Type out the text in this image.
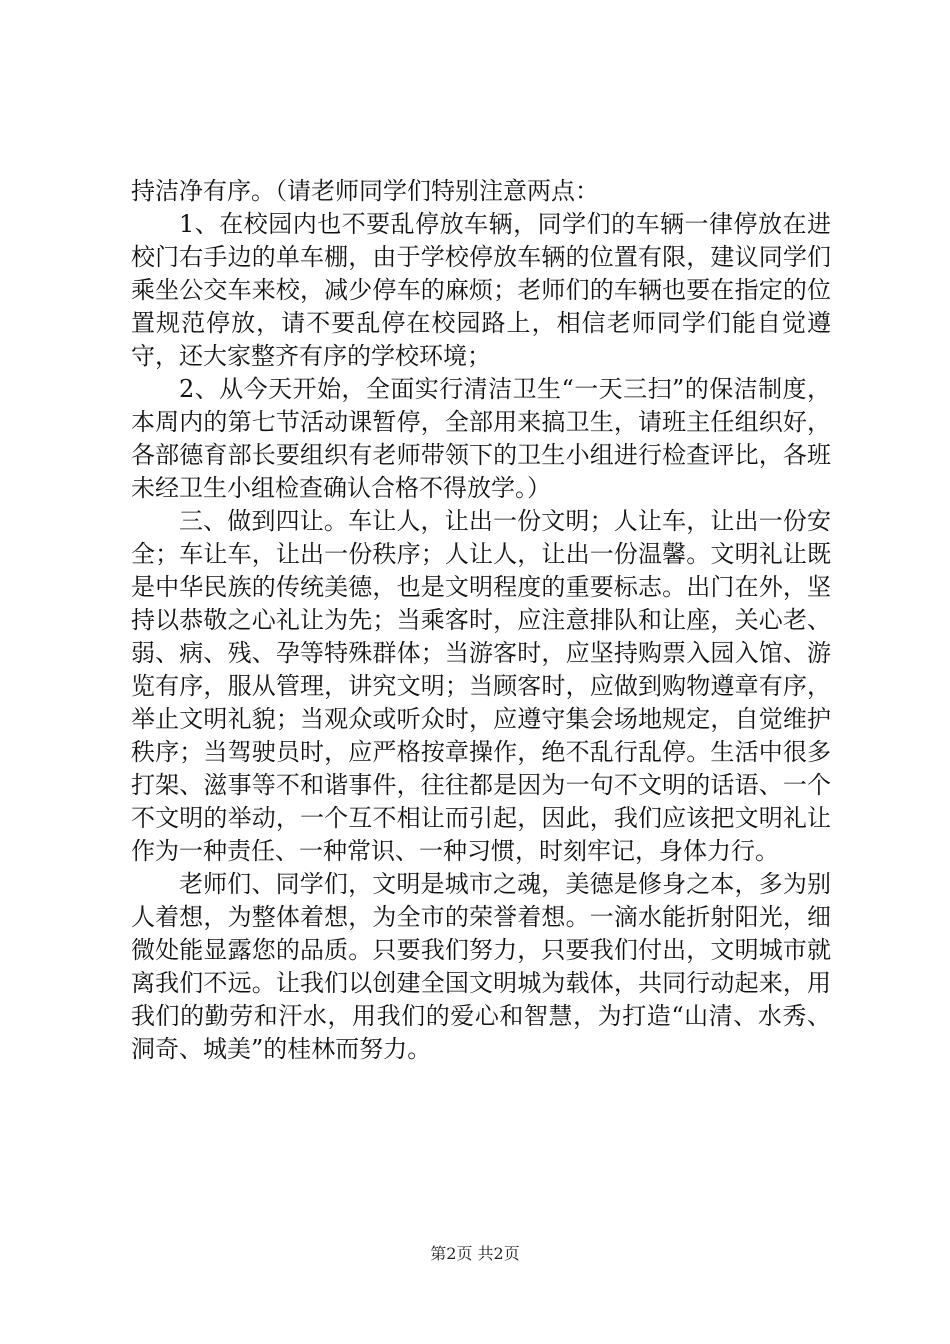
持洁净有序。（请老师同学们特别注意两点：

1、在校园内也不要乱停放车辆，同学们的车辆一律停放在进校门右手边的单车棚，由于学校停放车辆的位置有限，建议同学们乘坐公交车来校，减少停车的麻烦；老师们的车辆也要在指定的位置规范停放，请不要乱停在校园路上，相信老师同学们能自觉遵守，还大家整齐有序的学校环境；

2、从今天开始，全面实行清洁卫生“一天三扫”的保洁制度，本周内的第七节活动课暂停，全部用来搞卫生，请班主任组织好，各部德育部长要组织有老师带领下的卫生小组进行检查评比，各班未经卫生小组检查确认合格不得放学。）

三、做到四让。车让人，让出一份文明；人让车，让出一份安全；车让车，让出一份秩序；人让人，让出一份温馨。文明礼让既是中华民族的传统美德，也是文明程度的重要标志。出门在外，坚持以恭敬之心礼让为先；当乘客时，应注意排队和让座，关心老、弱、病、残、孕等特殊群体；当游客时，应坚持购票入园入馆、游览有序，服从管理，讲究文明；当顾客时，应做到购物遵章有序，举止文明礼貌；当观众或听众时，应遵守集会场地规定，自觉维护秩序；当驾驶员时，应严格按章操作，绝不乱行乱停。生活中很多打架、滋事等不和谐事件，往往都是因为一句不文明的话语、一个不文明的举动，一个互不相让而引起，因此，我们应该把文明礼让作为一种责任、一种常识、一种习惯，时刻牢记，身体力行。

老师们、同学们，文明是城市之魂，美德是修身之本，多为别人着想，为整体着想，为全市的荣誉着想。一滴水能折射阳光，细微处能显露您的品质。只要我们努力，只要我们付出，文明城市就离我们不远。让我们以创建全国文明城为载体，共同行动起来，用我们的勤劳和汗水，用我们的爱心和智慧，为打造“山清、水秀、洞奇、城美”的桂林而努力。

第2页 共2页
